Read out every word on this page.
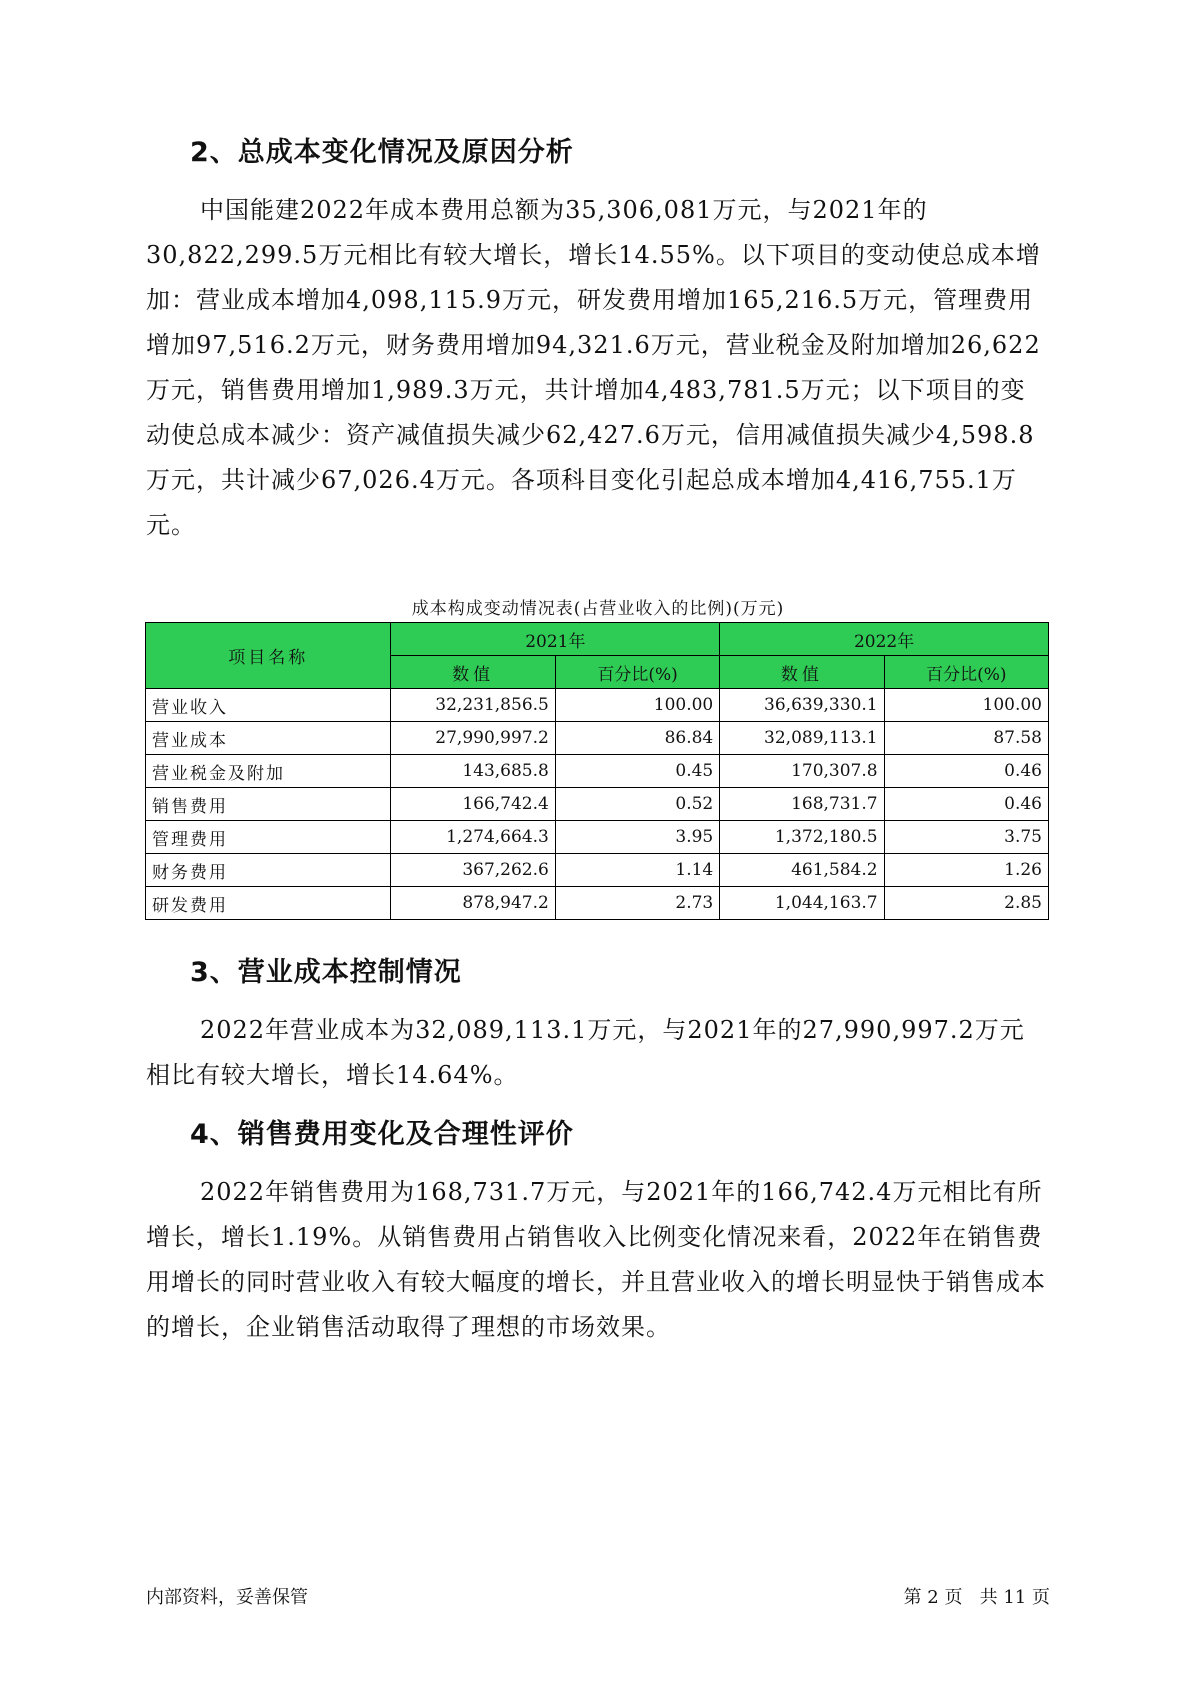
2、总成本变化情况及原因分析

中国能建2022年成本费用总额为35,306,081万元，与2021年的30,822,299.5万元相比有较大增长，增长14.55%。以下项目的变动使总成本增加：营业成本增加4,098,115.9万元，研发费用增加165,216.5万元，管理费用增加97,516.2万元，财务费用增加94,321.6万元，营业税金及附加增加26,622万元，销售费用增加1,989.3万元，共计增加4,483,781.5万元；以下项目的变动使总成本减少：资产减值损失减少62,427.6万元，信用减值损失减少4,598.8万元，共计减少67,026.4万元。各项科目变化引起总成本增加4,416,755.1万元。

成本构成变动情况表(占营业收入的比例)(万元)
项目名称	2021年		2022年	
	数值	百分比(%)	数值	百分比(%)
营业收入	32,231,856.5	100.00	36,639,330.1	100.00
营业成本	27,990,997.2	86.84	32,089,113.1	87.58
营业税金及附加	143,685.8	0.45	170,307.8	0.46
销售费用	166,742.4	0.52	168,731.7	0.46
管理费用	1,274,664.3	3.95	1,372,180.5	3.75
财务费用	367,262.6	1.14	461,584.2	1.26
研发费用	878,947.2	2.73	1,044,163.7	2.85
3、营业成本控制情况

2022年营业成本为32,089,113.1万元，与2021年的27,990,997.2万元相比有较大增长，增长14.64%。

4、销售费用变化及合理性评价

2022年销售费用为168,731.7万元，与2021年的166,742.4万元相比有所增长，增长1.19%。从销售费用占销售收入比例变化情况来看，2022年在销售费用增长的同时营业收入有较大幅度的增长，并且营业收入的增长明显快于销售成本的增长，企业销售活动取得了理想的市场效果。

内部资料，妥善保管	第 2 页   共 11 页
